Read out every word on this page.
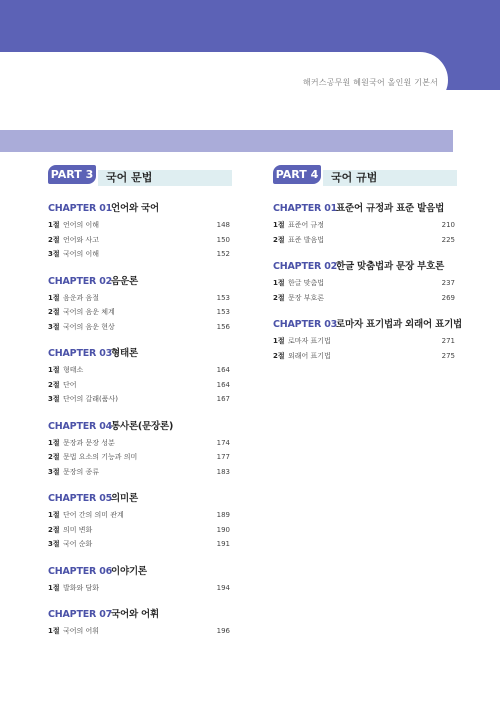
해커스공무원 혜원국어 올인원 기본서
PART 3 국어 문법
CHAPTER 01
언어와 국어
1절 언어의 이해	148
2절 언어와 사고	150
3절 국어의 이해	152
CHAPTER 02
음운론
1절 음운과 음절	153
2절 국어의 음운 체계	153
3절 국어의 음운 현상	156
CHAPTER 03
형태론
1절 형태소	164
2절 단어	164
3절 단어의 갈래(품사)	167
CHAPTER 04
통사론(문장론)
1절 문장과 문장 성분	174
2절 문법 요소의 기능과 의미	177
3절 문장의 종류	183
CHAPTER 05
의미론
1절 단어 간의 의미 관계	189
2절 의미 변화	190
3절 국어 순화	191
CHAPTER 06
이야기론
1절 발화와 담화	194
CHAPTER 07
국어와 어휘
1절 국어의 어휘	196
PART 4 국어 규범
CHAPTER 01
표준어 규정과 표준 발음법
1절 표준어 규정	210
2절 표준 발음법	225
CHAPTER 02
한글 맞춤법과 문장 부호론
1절 한글 맞춤법	237
2절 문장 부호론	269
CHAPTER 03
로마자 표기법과 외래어 표기법
1절 로마자 표기법	271
2절 외래어 표기법	275
